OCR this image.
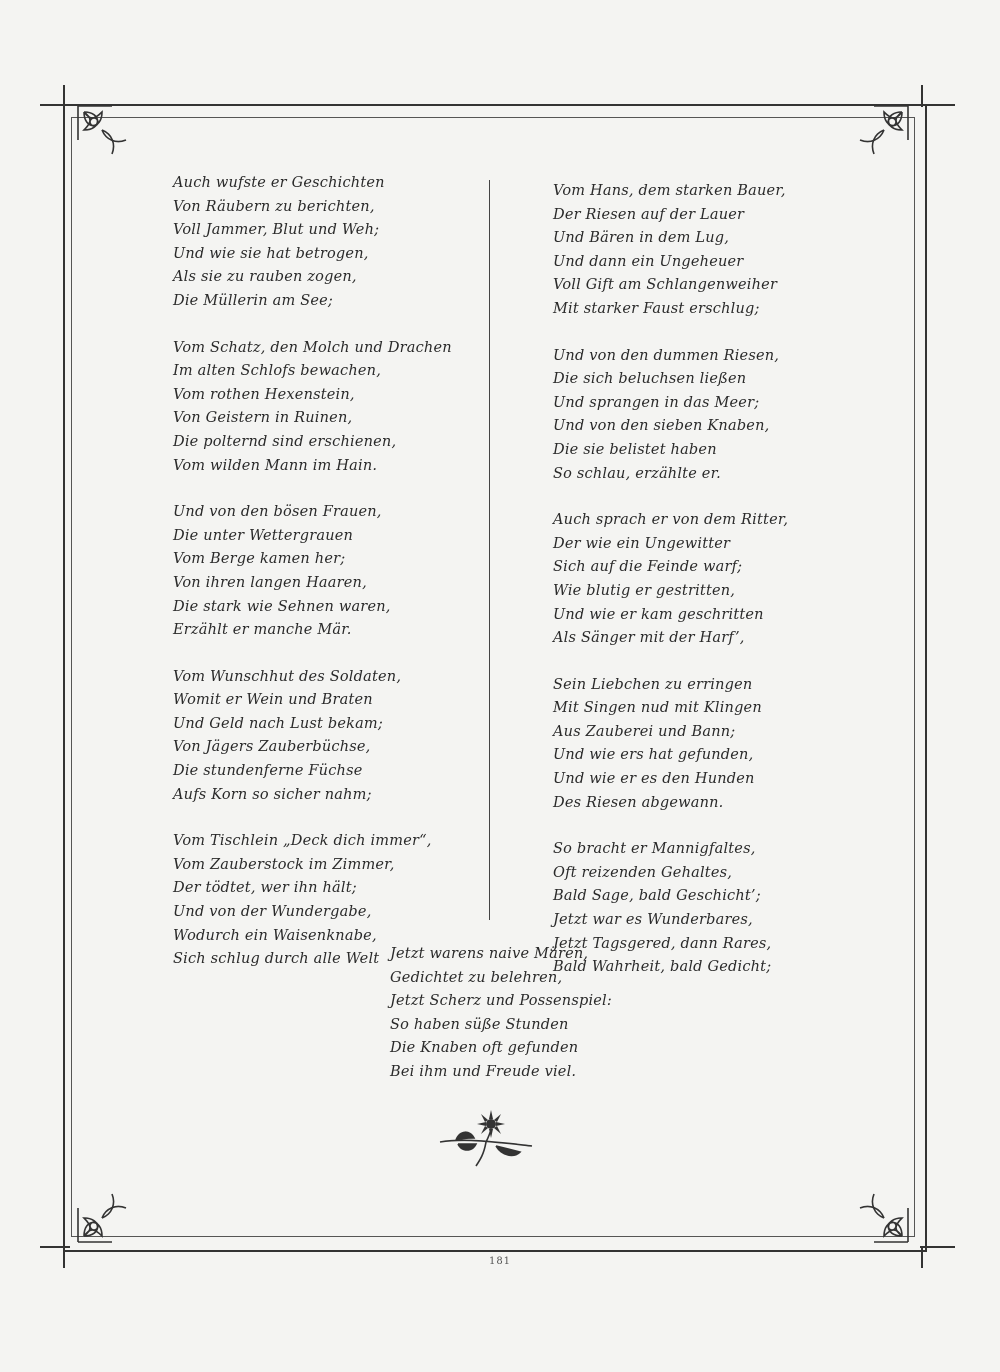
Auch wufste er Geschichten
Von Räubern zu berichten,
Voll Jammer, Blut und Weh;
Und wie sie hat betrogen,
Als sie zu rauben zogen,
Die Müllerin am See;
Vom Schatz, den Molch und Drachen
Im alten Schlofs bewachen,
Vom rothen Hexenstein,
Von Geistern in Ruinen,
Die polternd sind erschienen,
Vom wilden Mann im Hain.
Und von den bösen Frauen,
Die unter Wettergrauen
Vom Berge kamen her;
Von ihren langen Haaren,
Die stark wie Sehnen waren,
Erzählt er manche Mär.
Vom Wunschhut des Soldaten,
Womit er Wein und Braten
Und Geld nach Lust bekam;
Von Jägers Zauberbüchse,
Die stundenferne Füchse
Aufs Korn so sicher nahm;
Vom Tischlein „Deck dich immer“,
Vom Zauberstock im Zimmer,
Der tödtet, wer ihn hält;
Und von der Wundergabe,
Wodurch ein Waisenknabe,
Sich schlug durch alle Welt
Vom Hans, dem starken Bauer,
Der Riesen auf der Lauer
Und Bären in dem Lug,
Und dann ein Ungeheuer
Voll Gift am Schlangenweiher
Mit starker Faust erschlug;
Und von den dummen Riesen,
Die sich beluchsen ließen
Und sprangen in das Meer;
Und von den sieben Knaben,
Die sie belistet haben
So schlau, erzählte er.
Auch sprach er von dem Ritter,
Der wie ein Ungewitter
Sich auf die Feinde warf;
Wie blutig er gestritten,
Und wie er kam geschritten
Als Sänger mit der Harf’,
Sein Liebchen zu erringen
Mit Singen nud mit Klingen
Aus Zauberei und Bann;
Und wie ers hat gefunden,
Und wie er es den Hunden
Des Riesen abgewann.
So bracht er Mannigfaltes,
Oft reizenden Gehaltes,
Bald Sage, bald Geschicht’;
Jetzt war es Wunderbares,
Jetzt Tagsgered, dann Rares,
Bald Wahrheit, bald Gedicht;
Jetzt warens naive Mären,
Gedichtet zu belehren,
Jetzt Scherz und Possenspiel:
So haben süße Stunden
Die Knaben oft gefunden
Bei ihm und Freude viel.
181
